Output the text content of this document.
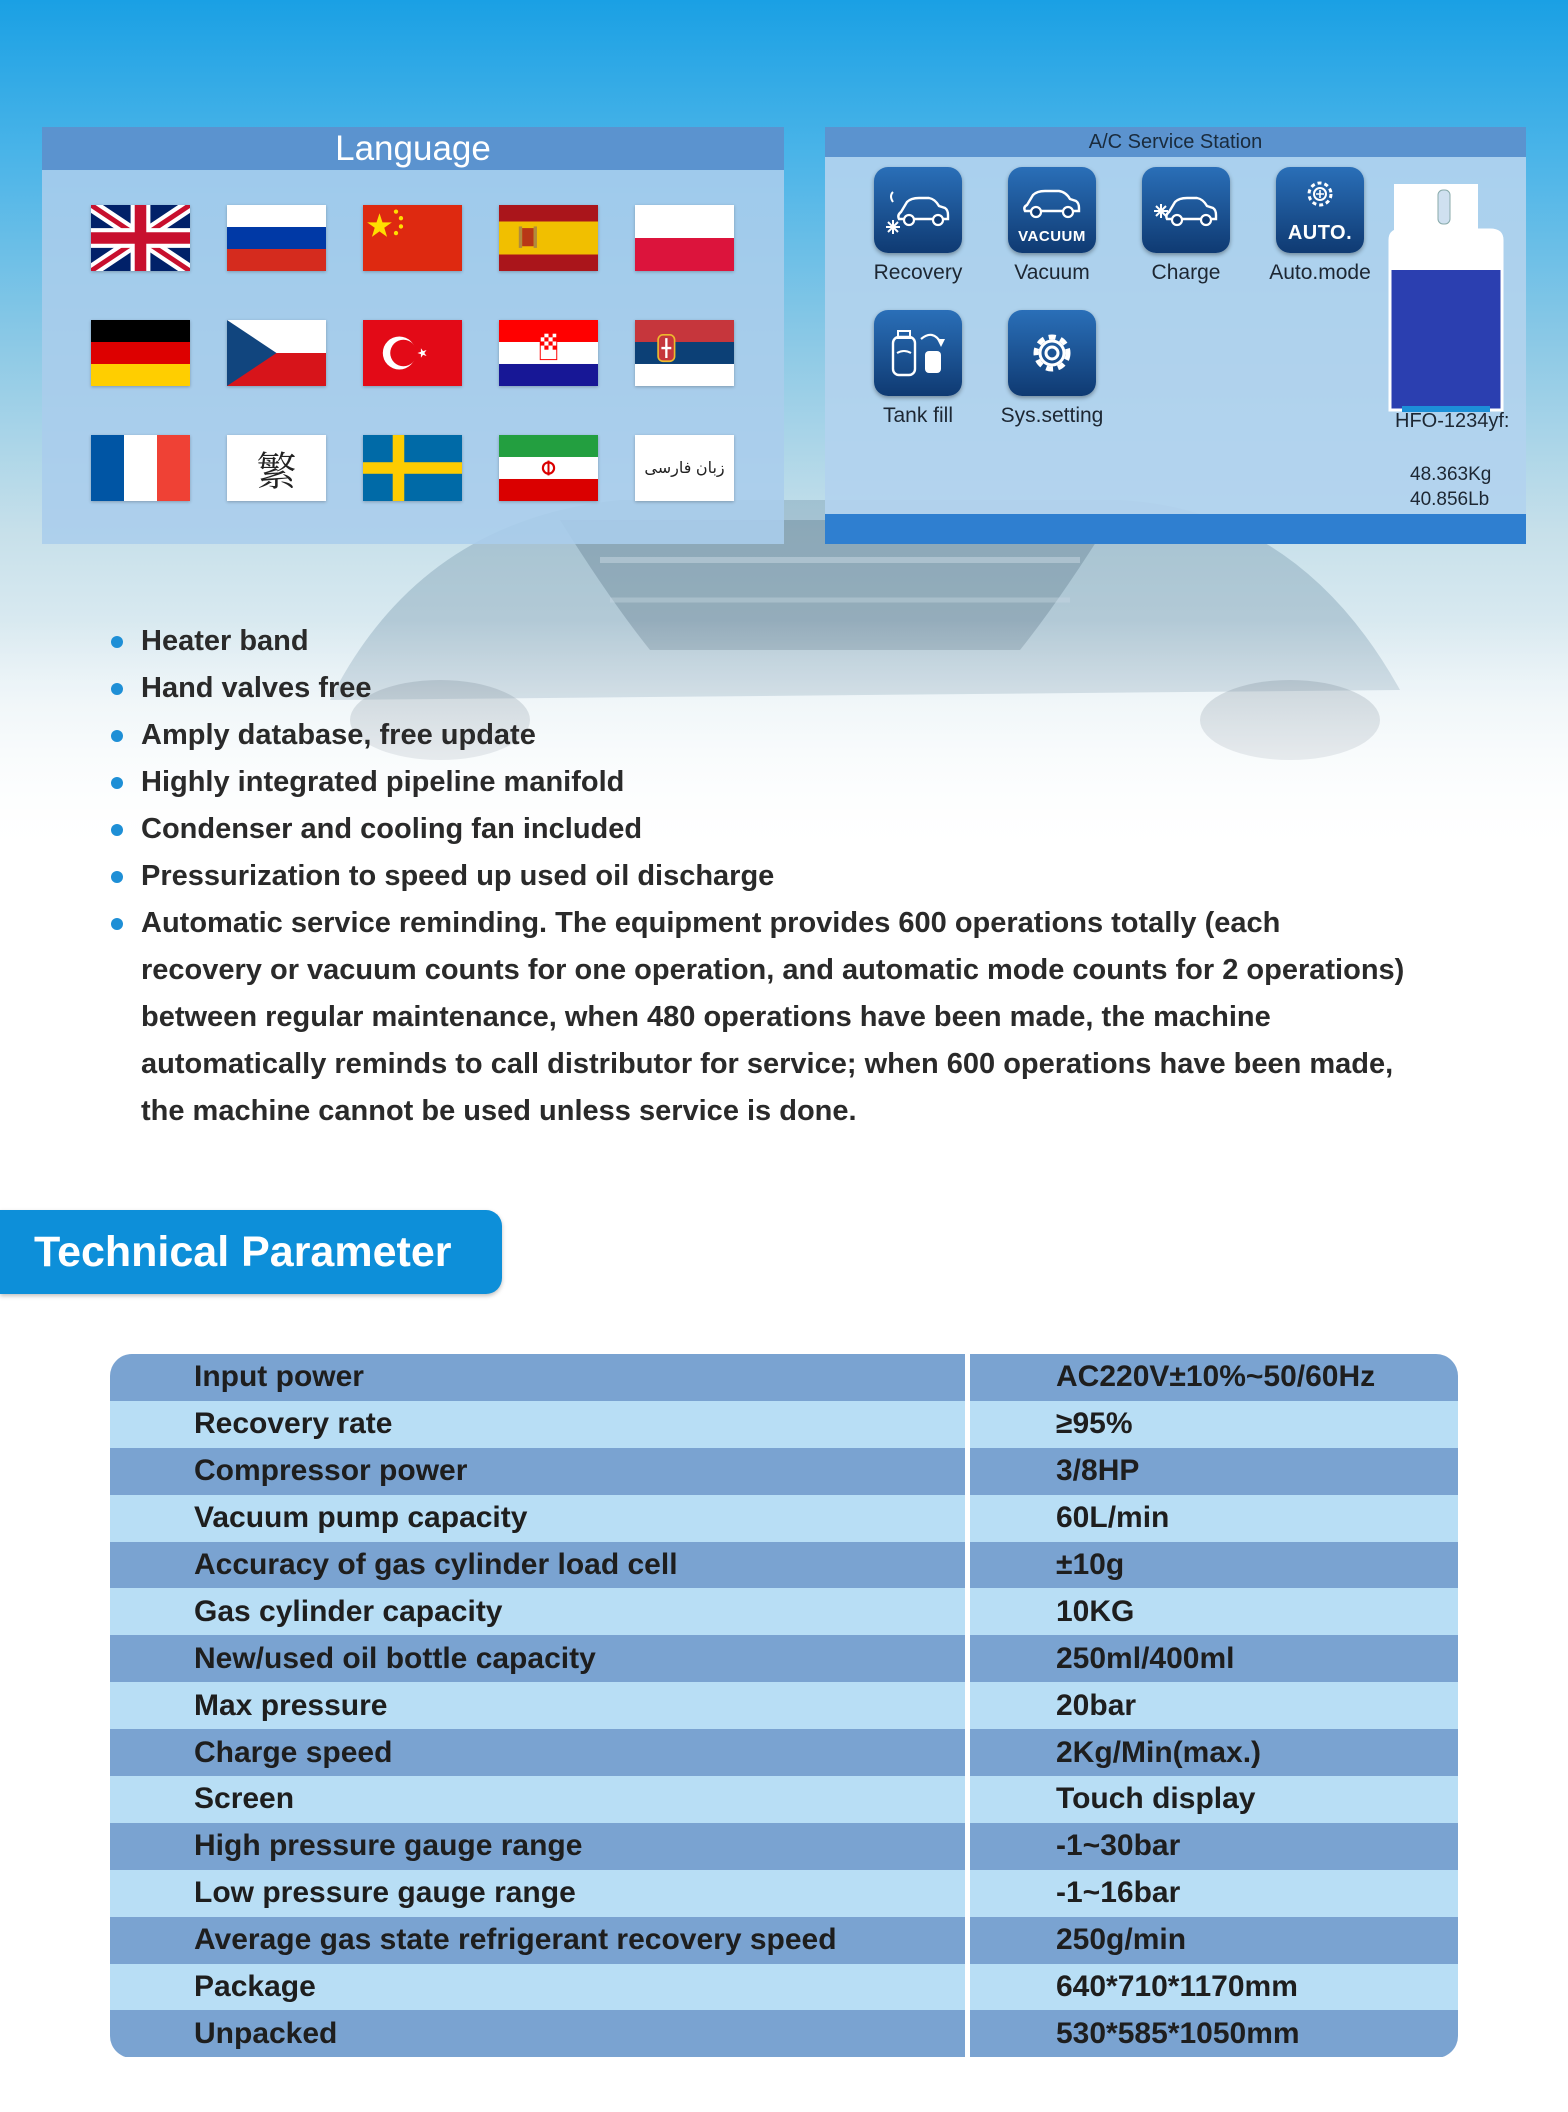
Language
繁	زبان فارسی
A/C Service Station
Recovery
VACUUM
Vacuum	Charge
AUTO.
Auto.mode
Tank fill	Sys.setting	HFO-1234yf:
48.363Kg
40.856Lb
Heater band
Hand valves free
Amply database, free update
Highly integrated pipeline manifold
Condenser and cooling fan included
Pressurization to speed up used oil discharge
Automatic service reminding. The equipment provides 600 operations totally (each recovery or vacuum counts for one operation, and automatic mode counts for 2 operations) between regular maintenance, when 480 operations have been made, the machine automatically reminds to call distributor for service; when 600 operations have been made, the machine cannot be used unless service is done.
Technical Parameter
Input power	AC220V±10%~50/60Hz
Recovery rate	≥95%
Compressor power	3/8HP
Vacuum pump capacity	60L/min
Accuracy of gas cylinder load cell	±10g
Gas cylinder capacity	10KG
New/used oil bottle capacity	250ml/400ml
Max pressure	20bar
Charge speed	2Kg/Min(max.)
Screen	Touch display
High pressure gauge range	-1~30bar
Low pressure gauge range	-1~16bar
Average gas state refrigerant recovery speed	250g/min
Package	640*710*1170mm
Unpacked	530*585*1050mm
